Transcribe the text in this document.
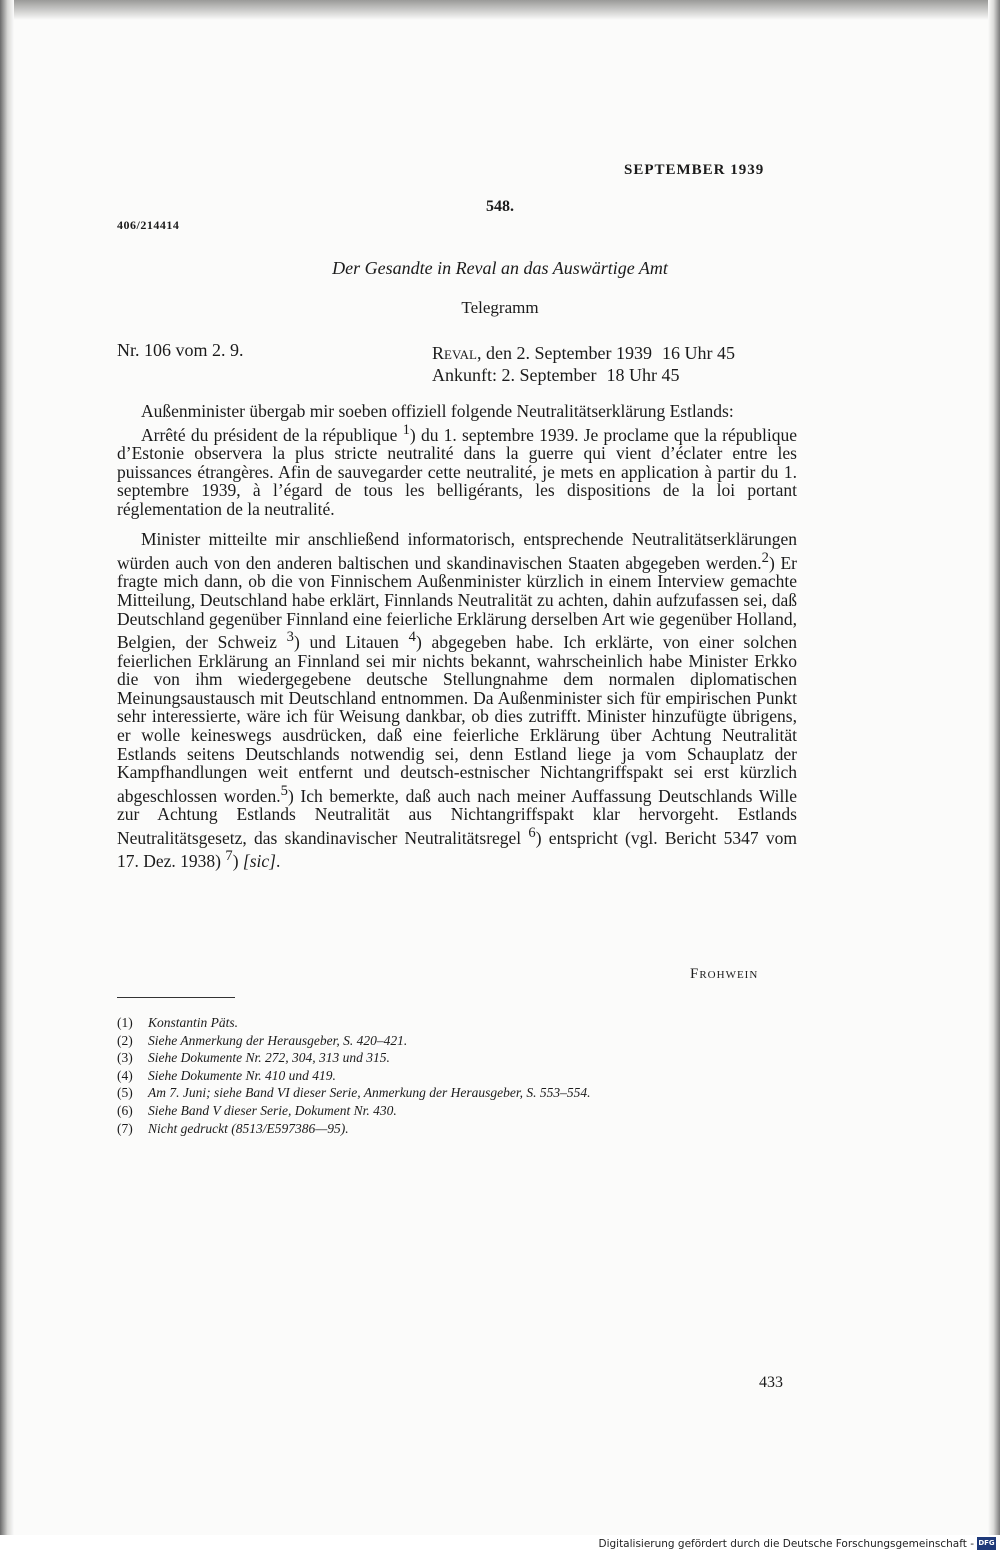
SEPTEMBER 1939
548.
406/214414
Der Gesandte in Reval an das Auswärtige Amt
Telegramm
Nr. 106 vom 2. 9.	Reval, den 2. September 1939 16 Uhr 45
Ankunft: 2. September 18 Uhr 45

Außenminister übergab mir soeben offiziell folgende Neutralitätserklärung Estlands:

Arrêté du président de la république $^1$) du 1. septembre 1939. Je proclame que la république d’Estonie observera la plus stricte neutralité dans la guerre qui vient d’éclater entre les puissances étrangères. Afin de sauvegarder cette neutralité, je mets en application à partir du 1. septembre 1939, à l’égard de tous les belligérants, les dispositions de la loi portant réglementation de la neutralité.

Minister mitteilte mir anschließend informatorisch, entsprechende Neutralitätserklärungen würden auch von den anderen baltischen und skandinavischen Staaten abgegeben werden.$^2$) Er fragte mich dann, ob die von Finnischem Außenminister kürzlich in einem Interview gemachte Mitteilung, Deutschland habe erklärt, Finnlands Neutralität zu achten, dahin aufzufassen sei, daß Deutschland gegenüber Finnland eine feierliche Erklärung derselben Art wie gegenüber Holland, Belgien, der Schweiz $^3$) und Litauen $^4$) abgegeben habe. Ich erklärte, von einer solchen feierlichen Erklärung an Finnland sei mir nichts bekannt, wahrscheinlich habe Minister Erkko die von ihm wiedergegebene deutsche Stellungnahme dem normalen diplomatischen Meinungsaustausch mit Deutschland entnommen. Da Außenminister sich für empirischen Punkt sehr interessierte, wäre ich für Weisung dankbar, ob dies zutrifft. Minister hinzufügte übrigens, er wolle keineswegs ausdrücken, daß eine feierliche Erklärung über Achtung Neutralität Estlands seitens Deutschlands notwendig sei, denn Estland liege ja vom Schauplatz der Kampfhandlungen weit entfernt und deutsch-estnischer Nichtangriffspakt sei erst kürzlich abgeschlossen worden.$^5$) Ich bemerkte, daß auch nach meiner Auffassung Deutschlands Wille zur Achtung Estlands Neutralität aus Nichtangriffspakt klar hervorgeht. Estlands Neutralitätsgesetz, das skandinavischer Neutralitätsregel $^6$) entspricht (vgl. Bericht 5347 vom 17. Dez. 1938) $^7$) [sic].

Frohwein
(1) Konstantin Päts.
(2) Siehe Anmerkung der Herausgeber, S. 420–421.
(3) Siehe Dokumente Nr. 272, 304, 313 und 315.
(4) Siehe Dokumente Nr. 410 und 419.
(5) Am 7. Juni; siehe Band VI dieser Serie, Anmerkung der Herausgeber, S. 553–554.
(6) Siehe Band V dieser Serie, Dokument Nr. 430.
(7) Nicht gedruckt (8513/E597386—95).
433
Digitalisierung gefördert durch die Deutsche Forschungsgemeinschaft - DFG
